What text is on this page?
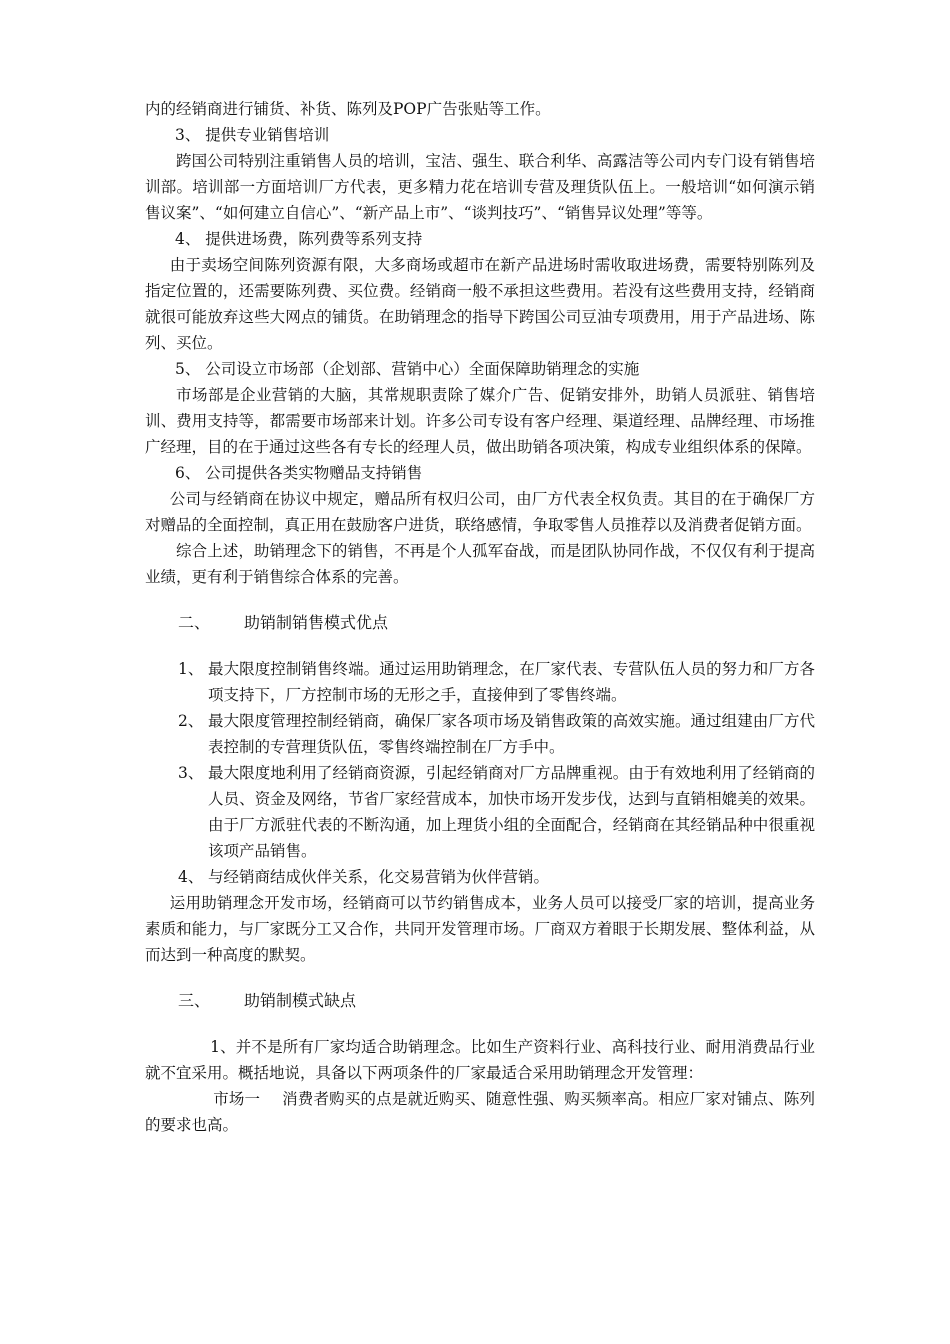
内的经销商进行铺货、补货、陈列及POP广告张贴等工作。

3、 提供专业销售培训

跨国公司特别注重销售人员的培训，宝洁、强生、联合利华、高露洁等公司内专门设有销售培训部。培训部一方面培训厂方代表，更多精力花在培训专营及理货队伍上。一般培训“如何演示销售议案”、“如何建立自信心”、“新产品上市”、“谈判技巧”、“销售异议处理”等等。

4、 提供进场费，陈列费等系列支持

由于卖场空间陈列资源有限，大多商场或超市在新产品进场时需收取进场费，需要特别陈列及指定位置的，还需要陈列费、买位费。经销商一般不承担这些费用。若没有这些费用支持，经销商就很可能放弃这些大网点的铺货。在助销理念的指导下跨国公司豆油专项费用，用于产品进场、陈列、买位。

5、 公司设立市场部（企划部、营销中心）全面保障助销理念的实施

市场部是企业营销的大脑，其常规职责除了媒介广告、促销安排外，助销人员派驻、销售培训、费用支持等，都需要市场部来计划。许多公司专设有客户经理、渠道经理、品牌经理、市场推广经理，目的在于通过这些各有专长的经理人员，做出助销各项决策，构成专业组织体系的保障。

6、 公司提供各类实物赠品支持销售

公司与经销商在协议中规定，赠品所有权归公司，由厂方代表全权负责。其目的在于确保厂方对赠品的全面控制，真正用在鼓励客户进货，联络感情，争取零售人员推荐以及消费者促销方面。

综合上述，助销理念下的销售，不再是个人孤军奋战，而是团队协同作战，不仅仅有利于提高业绩，更有利于销售综合体系的完善。

二、 助销制销售模式优点

1、 最大限度控制销售终端。通过运用助销理念，在厂家代表、专营队伍人员的努力和厂方各项支持下，厂方控制市场的无形之手，直接伸到了零售终端。
2、 最大限度管理控制经销商，确保厂家各项市场及销售政策的高效实施。通过组建由厂方代表控制的专营理货队伍，零售终端控制在厂方手中。
3、 最大限度地利用了经销商资源，引起经销商对厂方品牌重视。由于有效地利用了经销商的人员、资金及网络，节省厂家经营成本，加快市场开发步伐，达到与直销相媲美的效果。由于厂方派驻代表的不断沟通，加上理货小组的全面配合，经销商在其经销品种中很重视该项产品销售。
4、 与经销商结成伙伴关系，化交易营销为伙伴营销。

运用助销理念开发市场，经销商可以节约销售成本，业务人员可以接受厂家的培训，提高业务素质和能力，与厂家既分工又合作，共同开发管理市场。厂商双方着眼于长期发展、整体利益，从而达到一种高度的默契。

三、 助销制模式缺点

1、并不是所有厂家均适合助销理念。比如生产资料行业、高科技行业、耐用消费品行业就不宜采用。概括地说，具备以下两项条件的厂家最适合采用助销理念开发管理：

市场一 消费者购买的点是就近购买、随意性强、购买频率高。相应厂家对铺点、陈列的要求也高。
